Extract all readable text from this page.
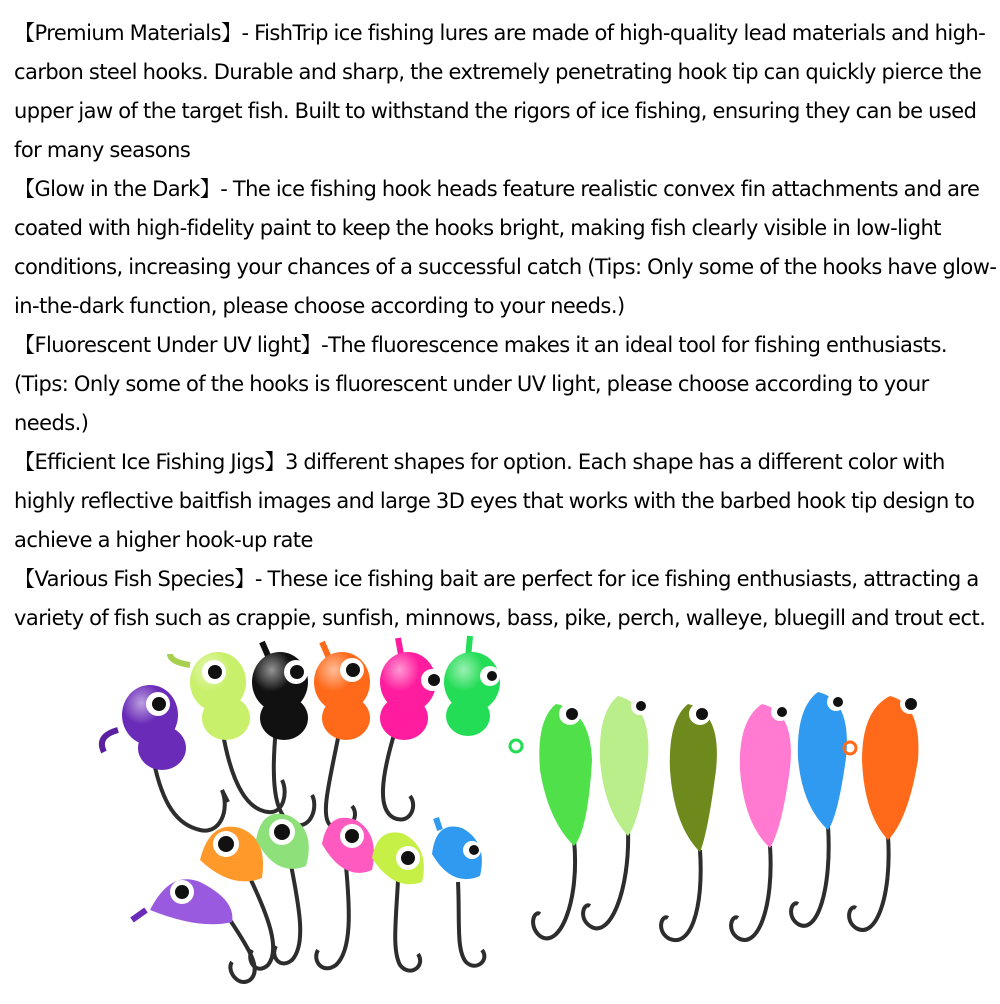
【Premium Materials】- FishTrip ice fishing lures are made of high-quality lead materials and high-carbon steel hooks. Durable and sharp, the extremely penetrating hook tip can quickly pierce the upper jaw of the target fish. Built to withstand the rigors of ice fishing, ensuring they can be used for many seasons

【Glow in the Dark】- The ice fishing hook heads feature realistic convex fin attachments and are coated with high-fidelity paint to keep the hooks bright, making fish clearly visible in low-light conditions, increasing your chances of a successful catch (Tips: Only some of the hooks have glow-in-the-dark function, please choose according to your needs.)

【Fluorescent Under UV light】-The fluorescence makes it an ideal tool for fishing enthusiasts. (Tips: Only some of the hooks is fluorescent under UV light, please choose according to your needs.)

【Efficient Ice Fishing Jigs】3 different shapes for option. Each shape has a different color with highly reflective baitfish images and large 3D eyes that works with the barbed hook tip design to achieve a higher hook-up rate

【Various Fish Species】- These ice fishing bait are perfect for ice fishing enthusiasts, attracting a variety of fish such as crappie, sunfish, minnows, bass, pike, perch, walleye, bluegill and trout ect.
